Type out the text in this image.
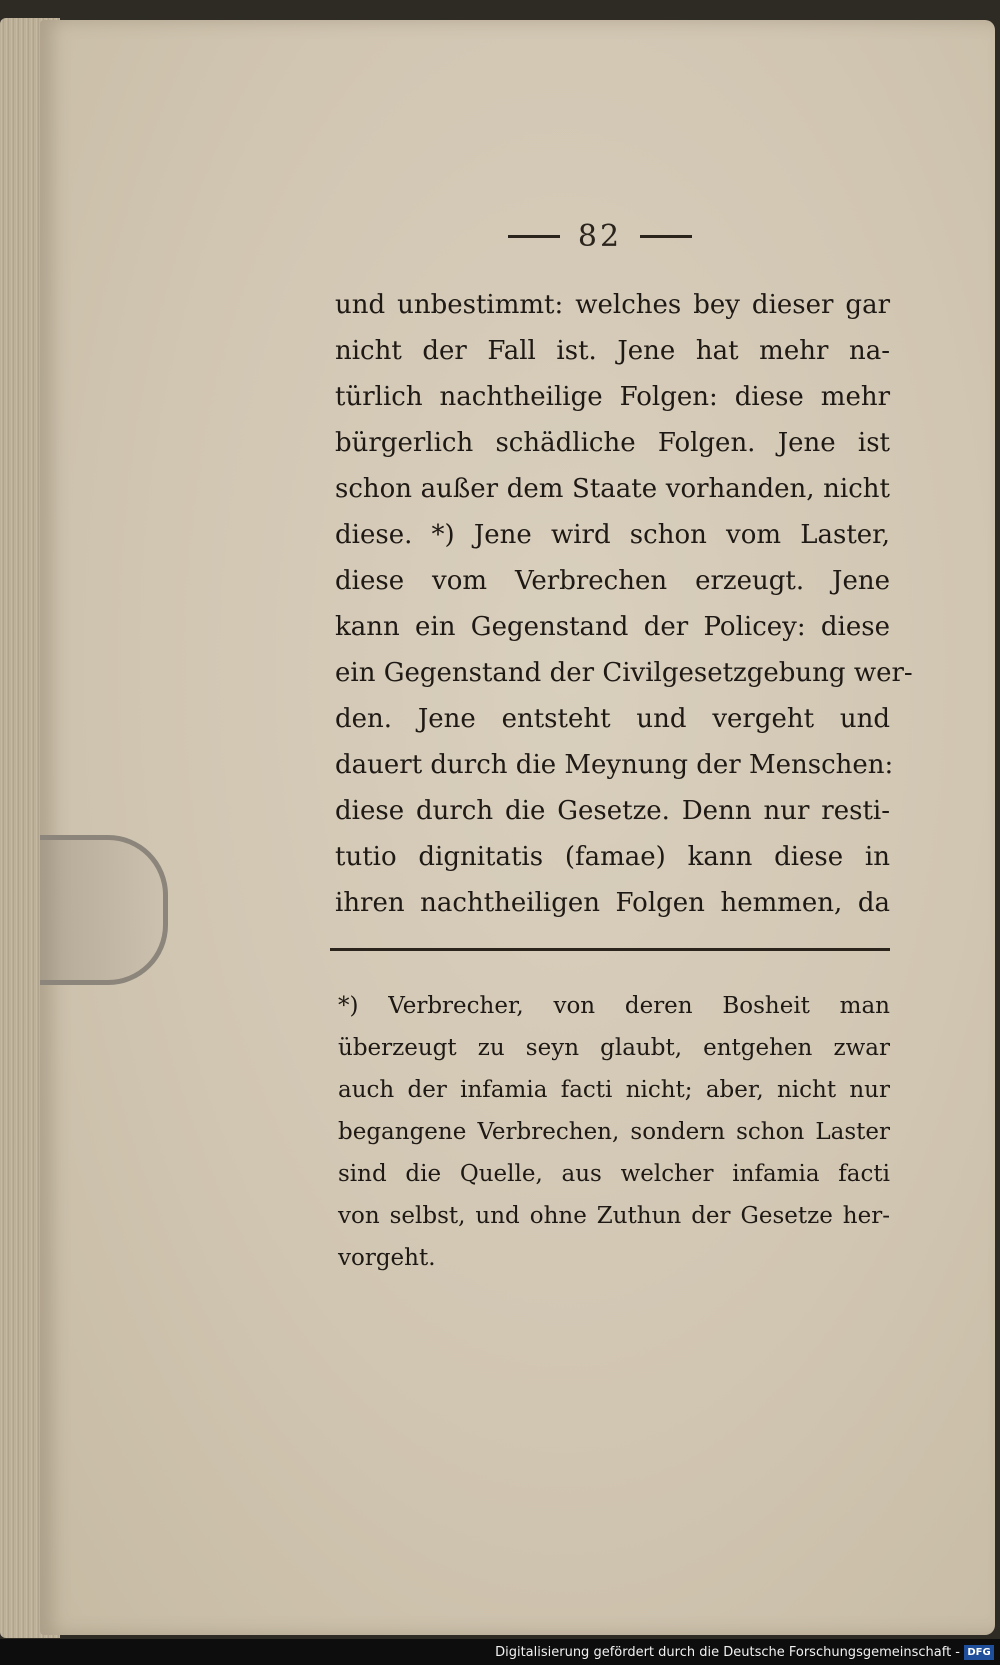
82
und unbestimmt: welches bey dieser gar
nicht der Fall ist. Jene hat mehr na-
türlich nachtheilige Folgen: diese mehr
bürgerlich schädliche Folgen. Jene ist
schon außer dem Staate vorhanden, nicht
diese. *) Jene wird schon vom Laster,
diese vom Verbrechen erzeugt. Jene
kann ein Gegenstand der Policey: diese
ein Gegenstand der Civilgesetzgebung wer-
den. Jene entsteht und vergeht und
dauert durch die Meynung der Menschen:
diese durch die Gesetze. Denn nur resti-
tutio dignitatis (famae) kann diese in
ihren nachtheiligen Folgen hemmen, da
*) Verbrecher, von deren Bosheit man
überzeugt zu seyn glaubt, entgehen zwar
auch der infamia facti nicht; aber, nicht nur
begangene Verbrechen, sondern schon Laster
sind die Quelle, aus welcher infamia facti
von selbst, und ohne Zuthun der Gesetze her-
vorgeht.
Digitalisierung gefördert durch die Deutsche Forschungsgemeinschaft - DFG
